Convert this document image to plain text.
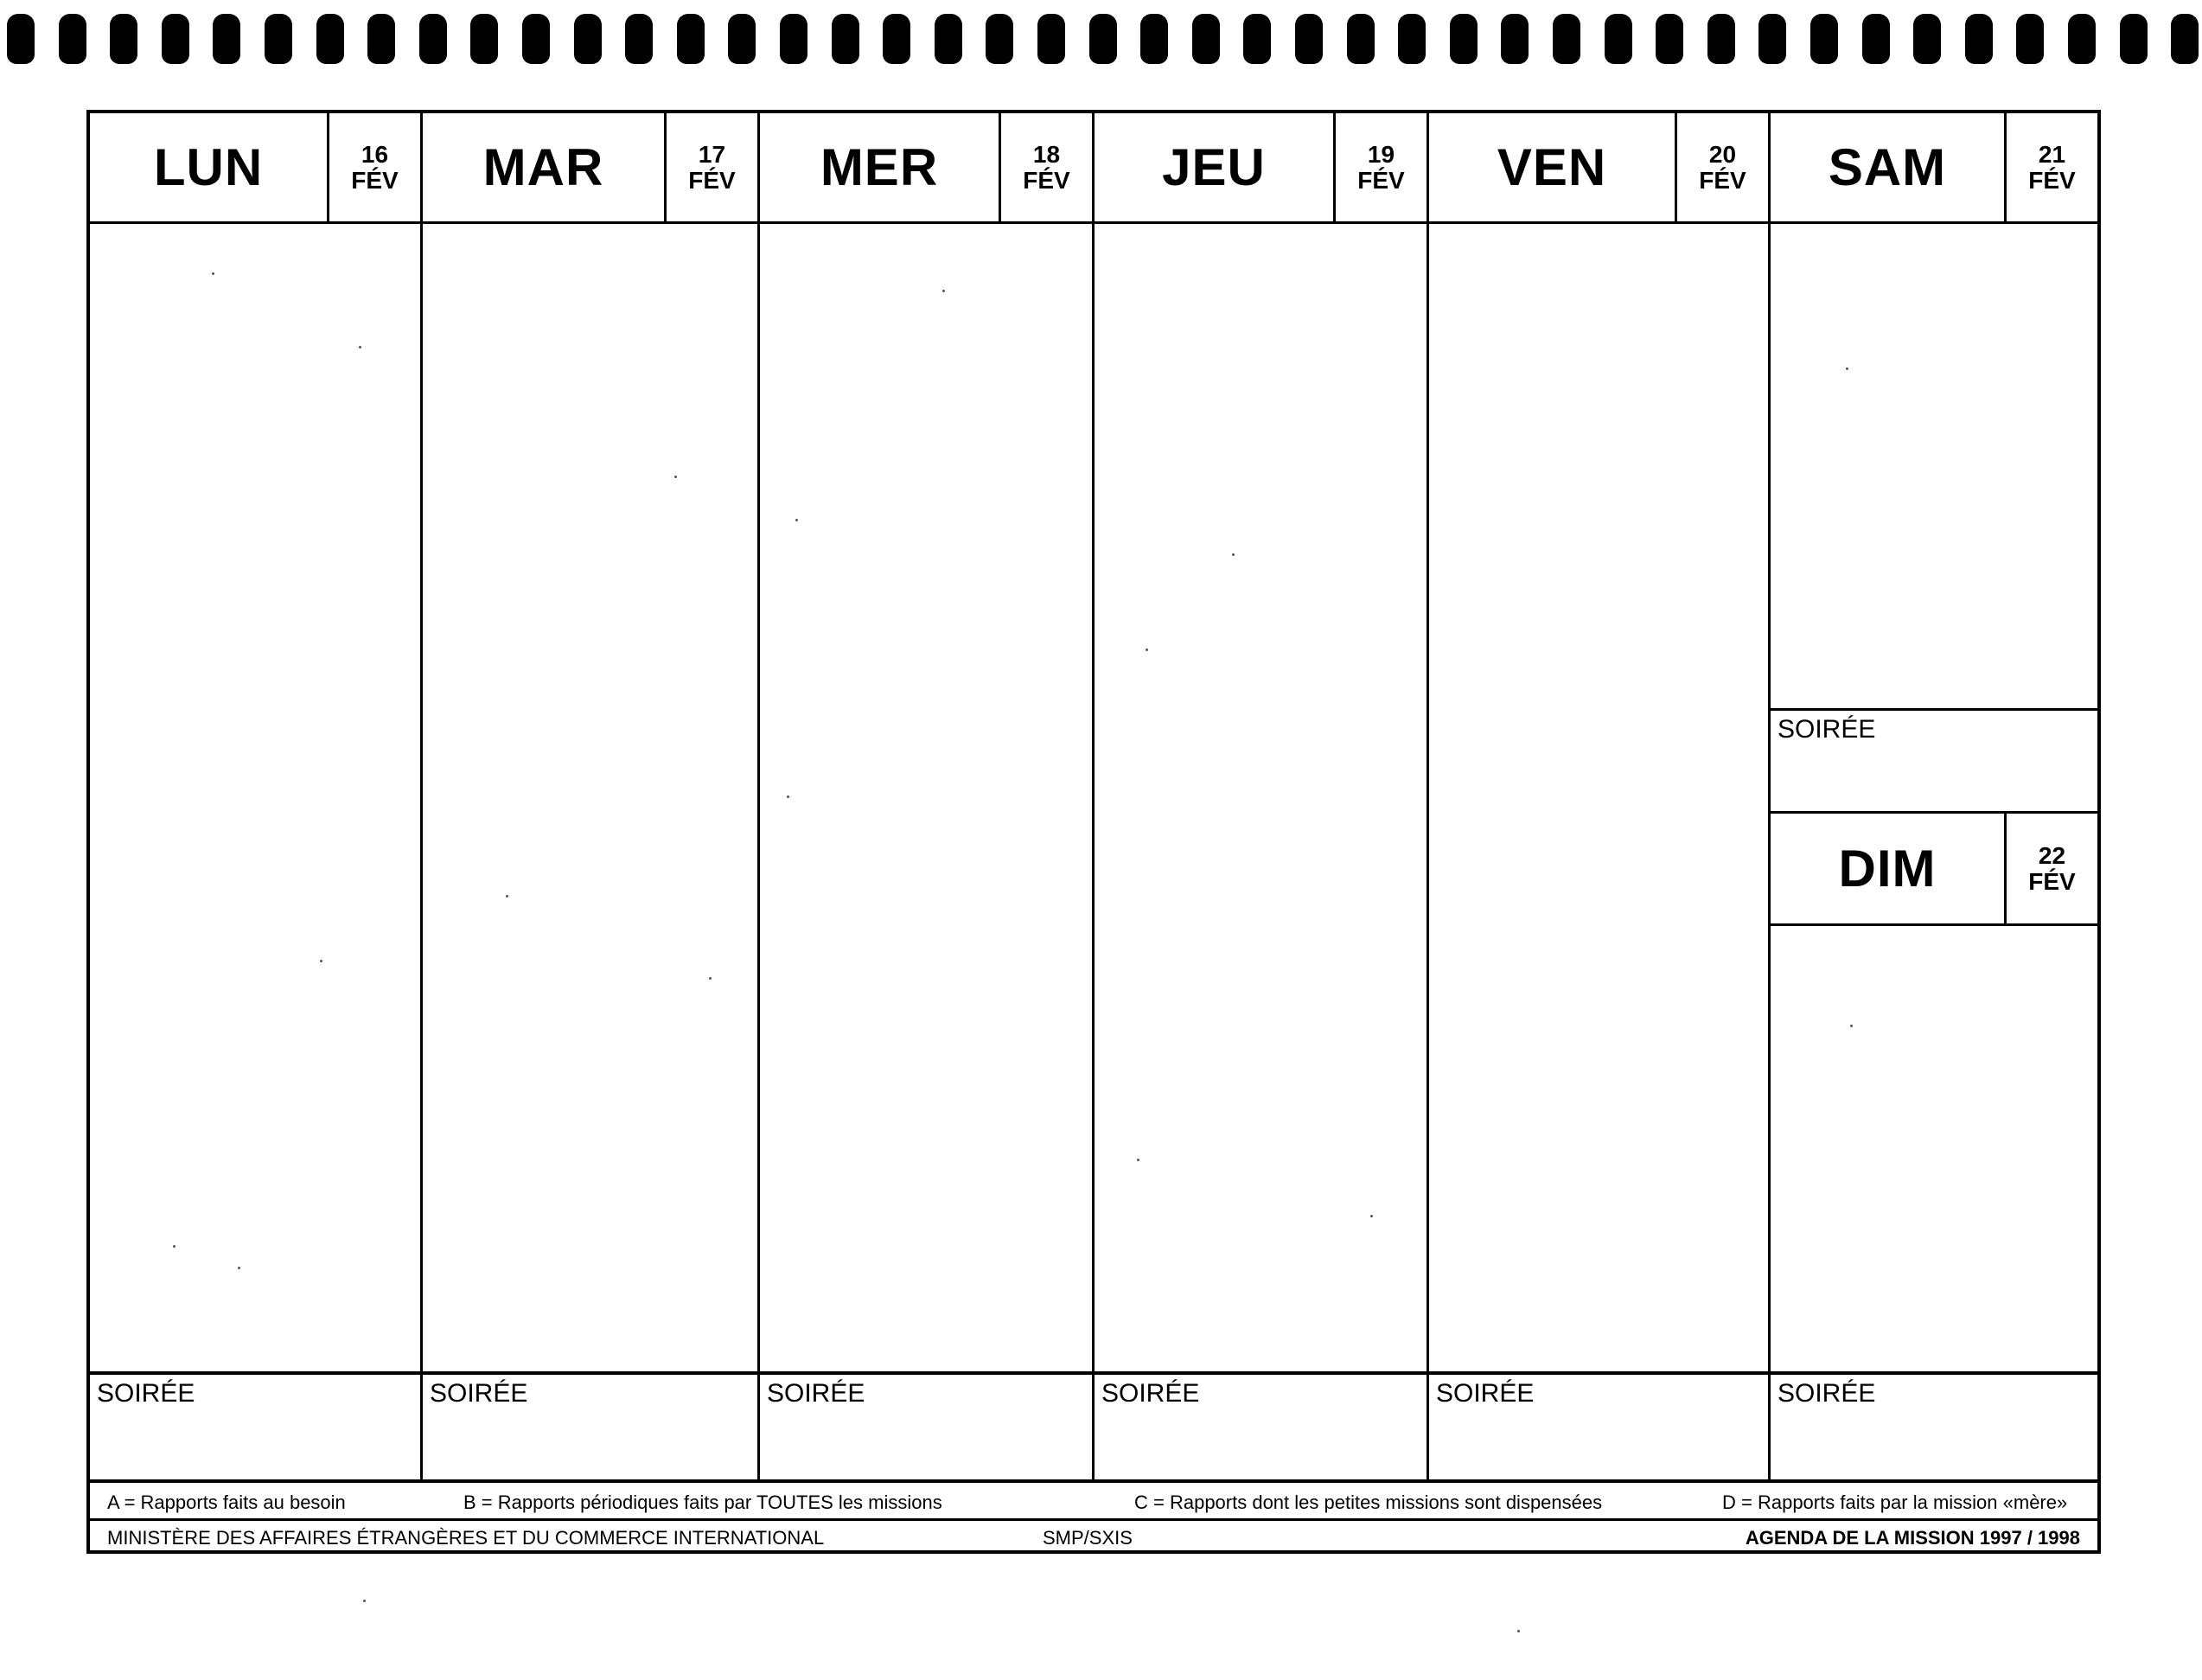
LUN	16
FÉV
SOIRÉE
MAR	17
FÉV
SOIRÉE
MER	18
FÉV
SOIRÉE
JEU	19
FÉV
SOIRÉE
VEN	20
FÉV
SOIRÉE
SAM	21
FÉV
SOIRÉE
DIM	22
FÉV
SOIRÉE
A = Rapports faits au besoin	B = Rapports périodiques faits par TOUTES les missions	C = Rapports dont les petites missions sont dispensées	D = Rapports faits par la mission «mère»
MINISTÈRE DES AFFAIRES ÉTRANGÈRES ET DU COMMERCE INTERNATIONAL	SMP/SXIS	AGENDA DE LA MISSION 1997 / 1998
